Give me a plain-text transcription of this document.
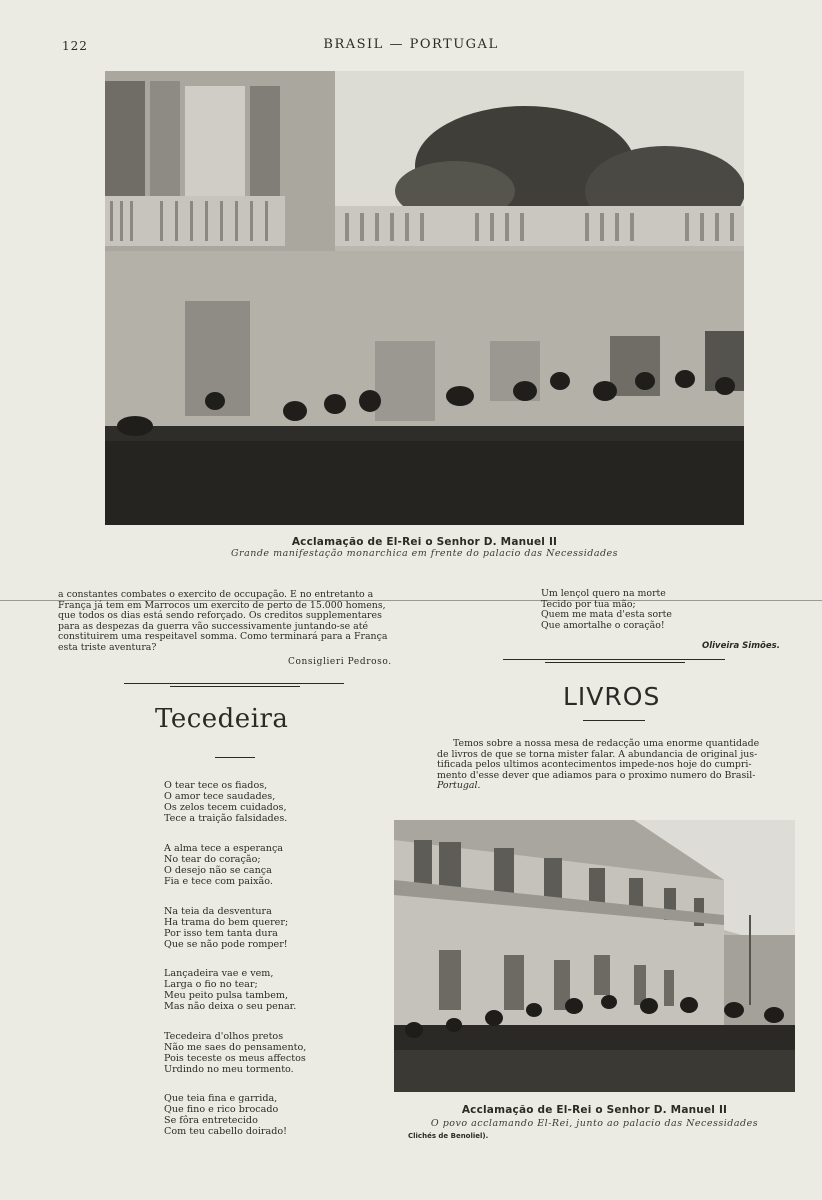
122	BRASIL — PORTUGAL
Acclamação de El-Rei o Senhor D. Manuel II
Grande manifestação monarchica em frente do palacio das Necessidades
a constantes combates o exercito de occupação. E no entretanto a
França já tem em Marrocos um exercito de perto de 15.000 homens,
que todos os dias está sendo reforçado. Os creditos supplementares
para as despezas da guerra vão successivamente juntando-se até
constituirem uma respeitavel somma. Como terminará para a França
esta triste aventura?
Consiglieri Pedroso.
Um lençol quero na morte
Tecido por tua mão;
Quem me mata d'esta sorte
Que amortalhe o coração!
Oliveira Simões.
Tecedeira
LIVROS
Temos sobre a nossa mesa de redacção uma enorme quantidade
de livros de que se torna mister falar. A abundancia de original jus-
tificada pelos ultimos acontecimentos impede-nos hoje do cumpri-
mento d'esse dever que adiamos para o proximo numero do Brasil-
Portugal.
O tear tece os fiados,
O amor tece saudades,
Os zelos tecem cuidados,
Tece a traição falsidades.
A alma tece a esperança
No tear do coração;
O desejo não se cança
Fia e tece com paixão.
Na teia da desventura
Ha trama do bem querer;
Por isso tem tanta dura
Que se não pode romper!
Lançadeira vae e vem,
Larga o fio no tear;
Meu peito pulsa tambem,
Mas não deixa o seu penar.
Tecedeira d'olhos pretos
Não me saes do pensamento,
Pois teceste os meus affectos
Urdindo no meu tormento.
Que teia fina e garrida,
Que fino e rico brocado
Se fôra entretecido
Com teu cabello doirado!
Acclamação de El-Rei o Senhor D. Manuel II
O povo acclamando El-Rei, junto ao palacio das Necessidades
Clichés de Benoliel).
